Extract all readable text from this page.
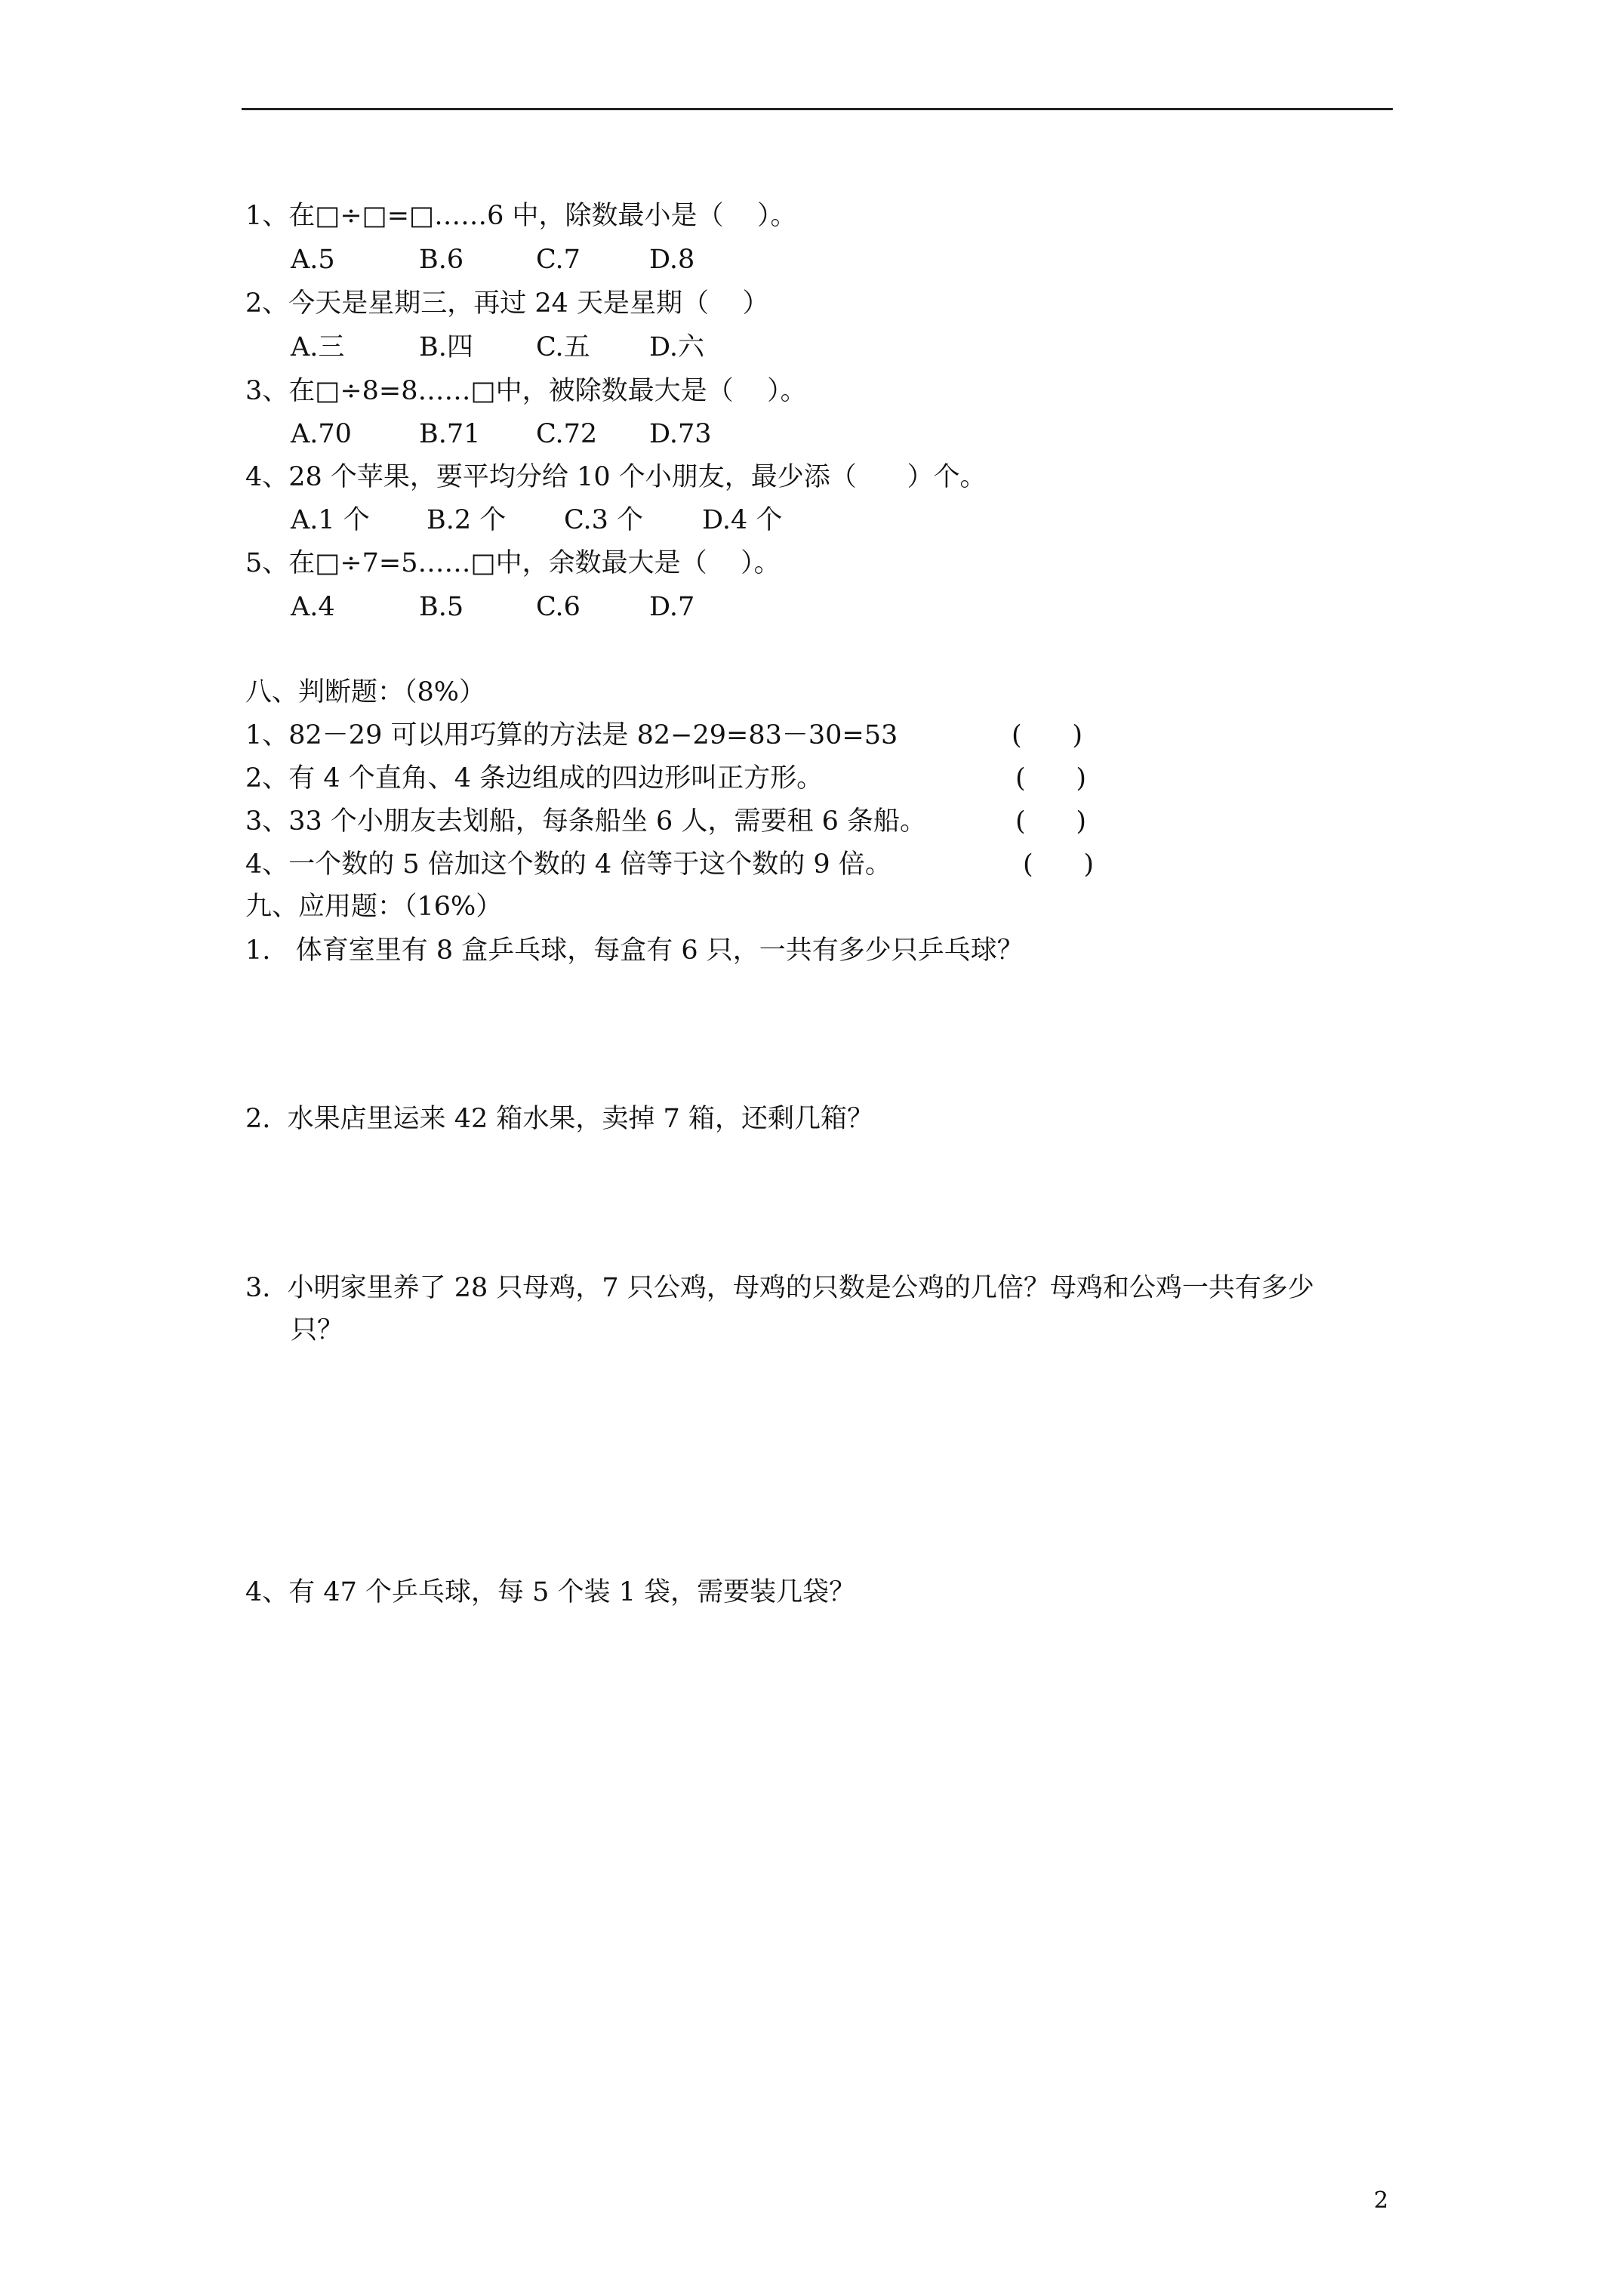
1、在□÷□=□……6 中，除数最小是（    ）。
A.5	B.6	C.7	D.8
2、今天是星期三，再过 24 天是星期（    ）
A.三	B.四 C.五 D.六
3、在□÷8=8……□中，被除数最大是（    ）。
A.70	B.71 C.72 D.73
4、28 个苹果，要平均分给 10 个小朋友，最少添（      ）个。
A.1 个 B.2 个 C.3 个 D.4 个
5、在□÷7=5……□中，余数最大是（    ）。
A.4	B.5	C.6	D.7
八、判断题：（8%）
1、82－29 可以用巧算的方法是 82−29=83－30=53	(      )
2、有 4 个直角、4 条边组成的四边形叫正方形。	(      )
3、33 个小朋友去划船，每条船坐 6 人，需要租 6 条船。	(      )
4、一个数的 5 倍加这个数的 4 倍等于这个数的 9 倍。	(      )
九、应用题：（16%）
1.   体育室里有 8 盒乒乓球，每盒有 6 只，一共有多少只乒乓球？
2.  水果店里运来 42 箱水果，卖掉 7 箱，还剩几箱？
3.  小明家里养了 28 只母鸡，7 只公鸡，母鸡的只数是公鸡的几倍？母鸡和公鸡一共有多少
只？
4、有 47 个乒乓球，每 5 个装 1 袋，需要装几袋？
2
